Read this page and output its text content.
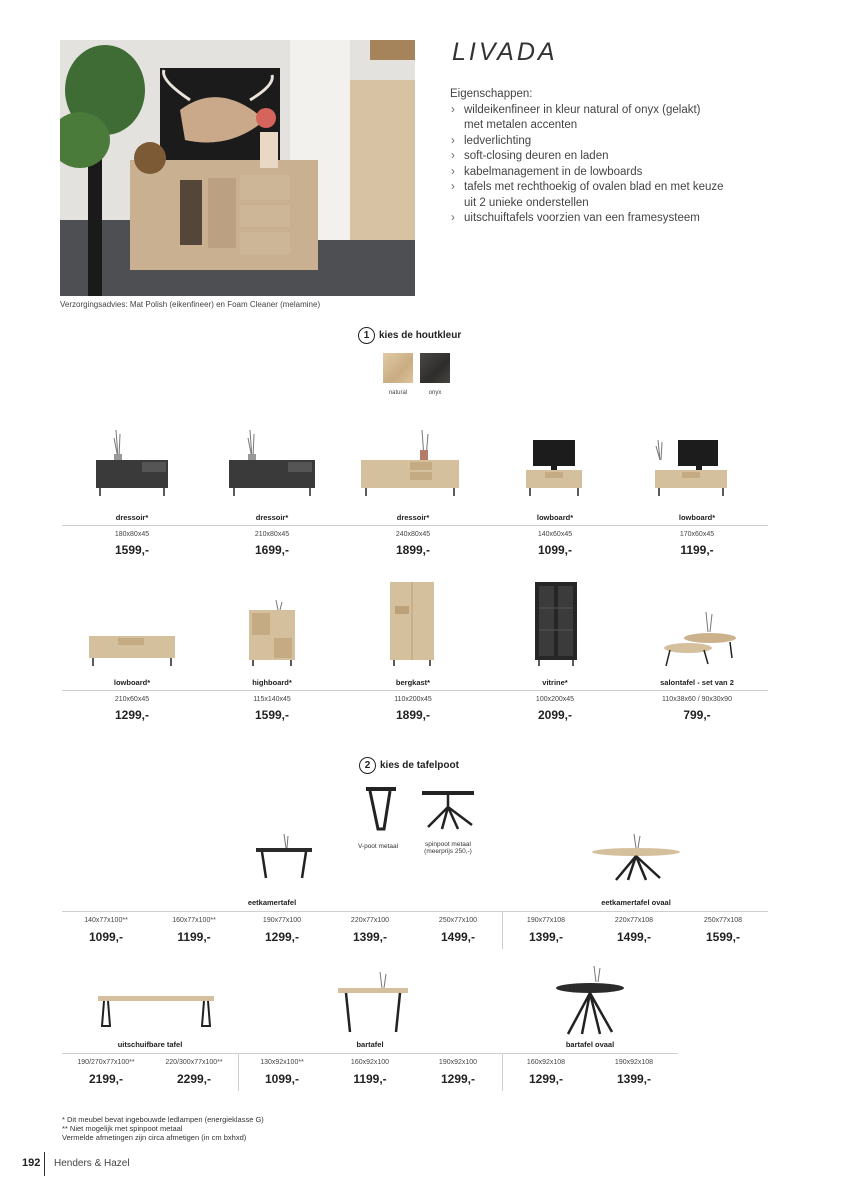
LIVADA
Eigenschappen:
› wildeikenfineer in kleur natural of onyx (gelakt)
met metalen accenten
› ledverlichting
› soft-closing deuren en laden
› kabelmanagement in de lowboards
› tafels met rechthoekig of ovalen blad en met keuze
uit 2 unieke onderstellen
› uitschuiftafels voorzien van een framesysteem
Verzorgingsadvies: Mat Polish (eikenfineer) en Foam Cleaner (melamine)
1 kies de houtkleur
natural	onyx
dressoir*	dressoir*	dressoir*	lowboard*	lowboard*
180x80x45	210x80x45	240x80x45	140x60x45	170x60x45
1599,-	1699,-	1899,-	1099,-	1199,-
lowboard*	highboard*	bergkast*	vitrine*	salontafel - set van 2
210x60x45	115x140x45	110x200x45	100x200x45	110x38x60 / 90x30x90
1299,-	1599,-	1899,-	2099,-	799,-
2 kies de tafelpoot
V-poot metaal	spinpoot metaal
(meerprijs 250,-)
eetkamertafel	eetkamertafel ovaal
140x77x100**	160x77x100**	190x77x100	220x77x100	250x77x100	190x77x108	220x77x108	250x77x108
1099,-	1199,-	1299,-	1399,-	1499,-	1399,-	1499,-	1599,-
uitschuifbare tafel	bartafel	bartafel ovaal
190/270x77x100**	220/300x77x100**	130x92x100**	160x92x100	190x92x100	160x92x108	190x92x108
2199,-	2299,-	1099,-	1199,-	1299,-	1299,-	1399,-
* Dit meubel bevat ingebouwde ledlampen (energieklasse G)
** Niet mogelijk met spinpoot metaal
Vermelde afmetingen zijn circa afmetigen (in cm bxhxd)
192 Henders & Hazel
